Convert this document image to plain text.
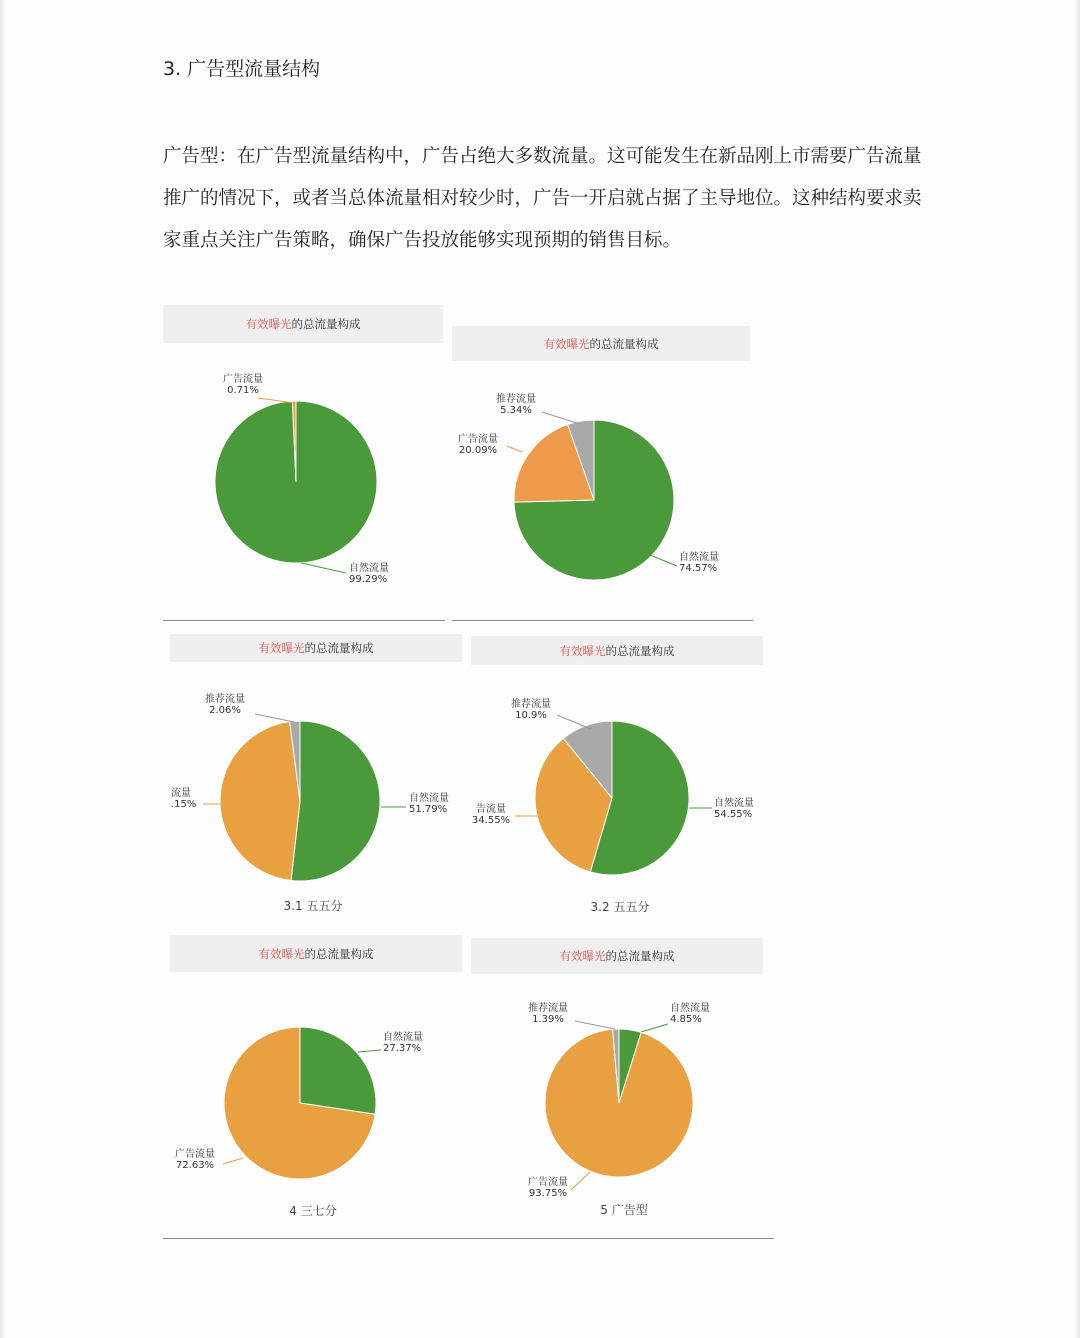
3. 广告型流量结构
广告型：在广告型流量结构中，广告占绝大多数流量。这可能发生在新品刚上市需要广告流量推广的情况下，或者当总体流量相对较少时，广告一开启就占据了主导地位。这种结构要求卖家重点关注广告策略，确保广告投放能够实现预期的销售目标。
有效曝光 的总流量构成
自然流量
99.29%
广告流量
0.71%
有效曝光 的总流量构成
自然流量
74.57%
广告流量
20.09%
推荐流量
5.34%
有效曝光 的总流量构成
自然流量
51.79%
流量
.15%
推荐流量
2.06%
3.1 五五分
有效曝光 的总流量构成
自然流量
54.55%
告流量
34.55%
推荐流量
10.9%
3.2 五五分
有效曝光 的总流量构成
自然流量
27.37%
广告流量
72.63%
4 三七分
有效曝光 的总流量构成
自然流量
4.85%
广告流量
93.75%
推荐流量
1.39%
5 广告型
